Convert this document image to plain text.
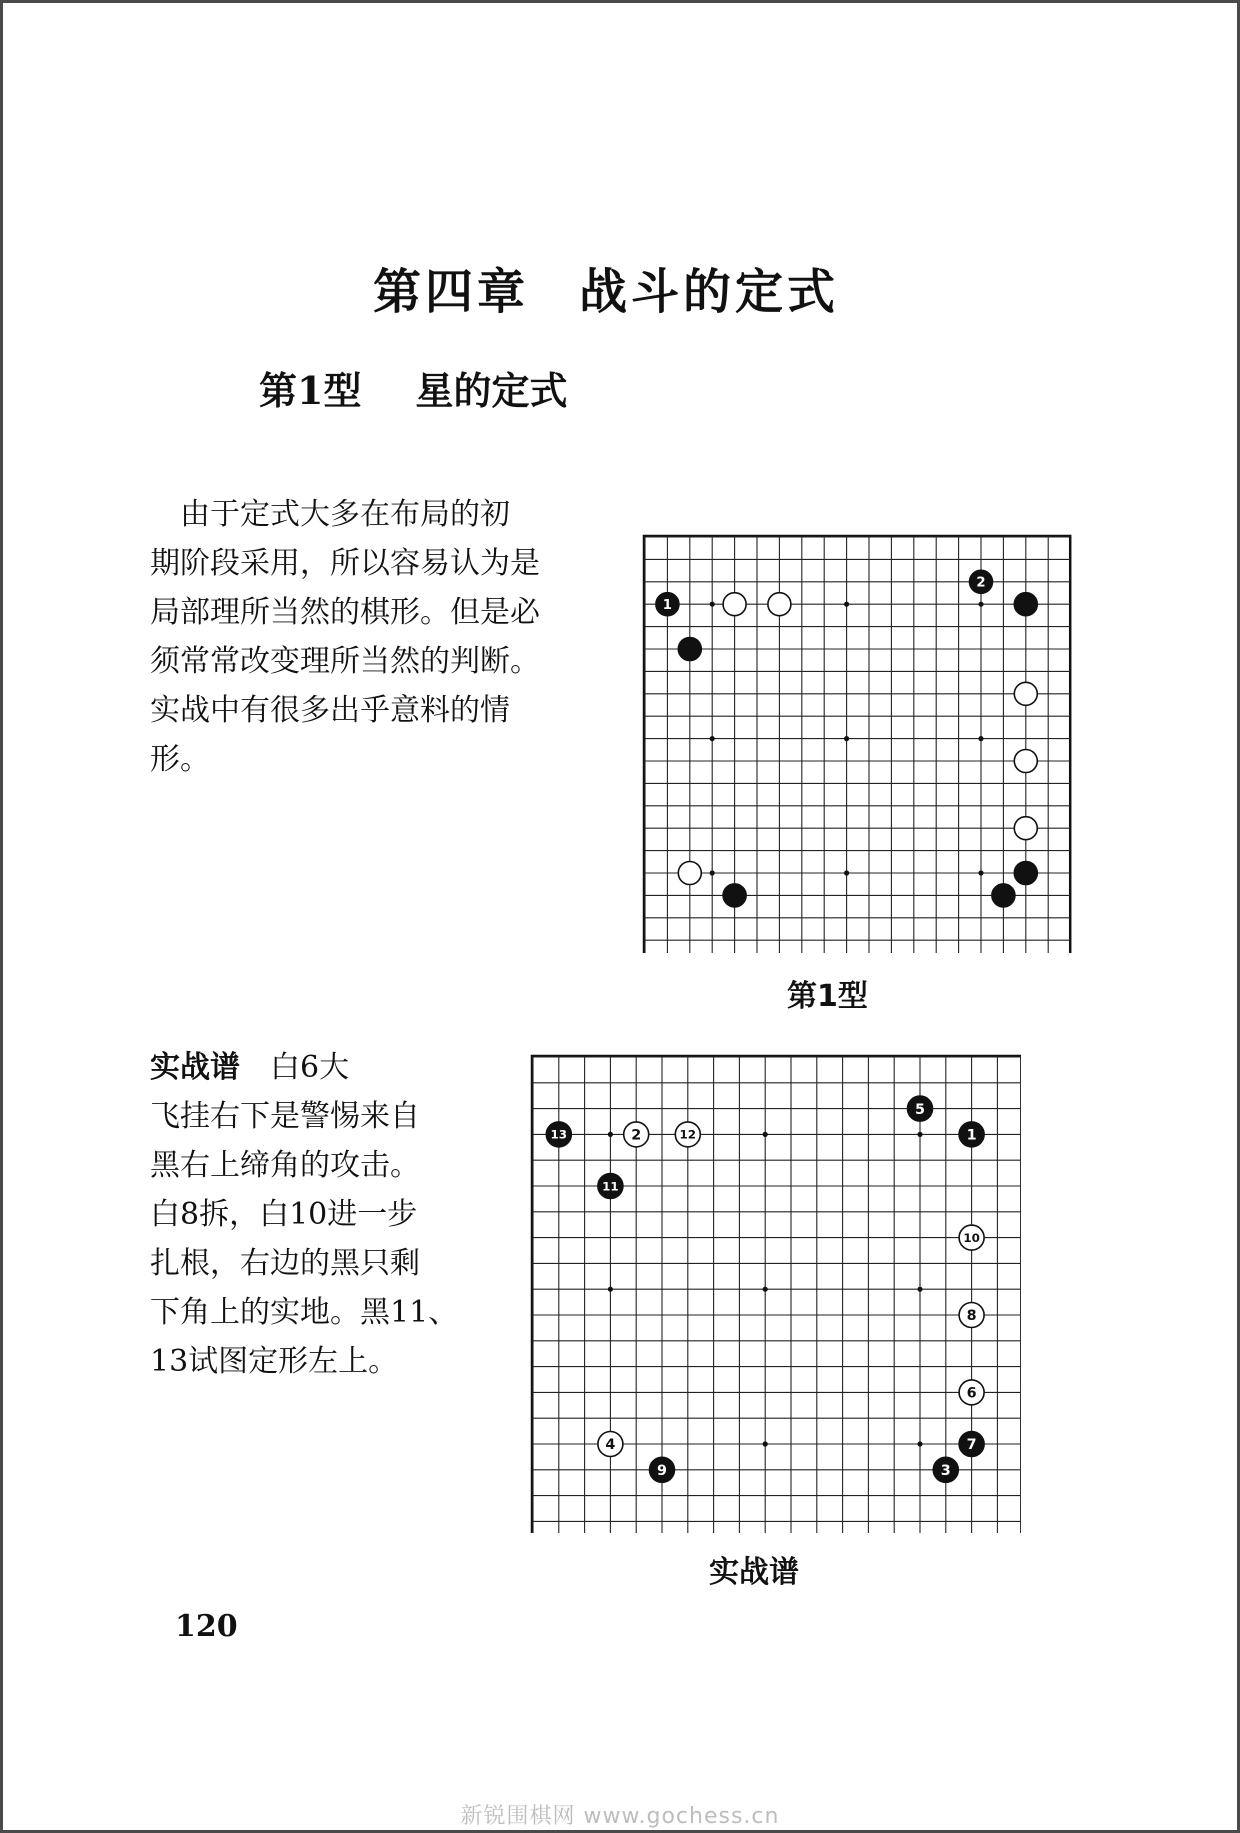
第四章 战斗的定式
第1型 星的定式
　由于定式大多在布局的初
期阶段采用，所以容易认为是
局部理所当然的棋形。但是必
须常常改变理所当然的判断。
实战中有很多出乎意料的情
形。
1
2
第1型
实战谱　 白6大
飞挂右下是警惕来自
黑右上缔角的攻击。
白8拆，白10进一步
扎根，右边的黑只剩
下角上的实地。黑11、
13试图定形左上。
13	2	12
11
5
1
10
8
6
7
3
4
9
实战谱
120
新锐围棋网 www.gochess.cn
